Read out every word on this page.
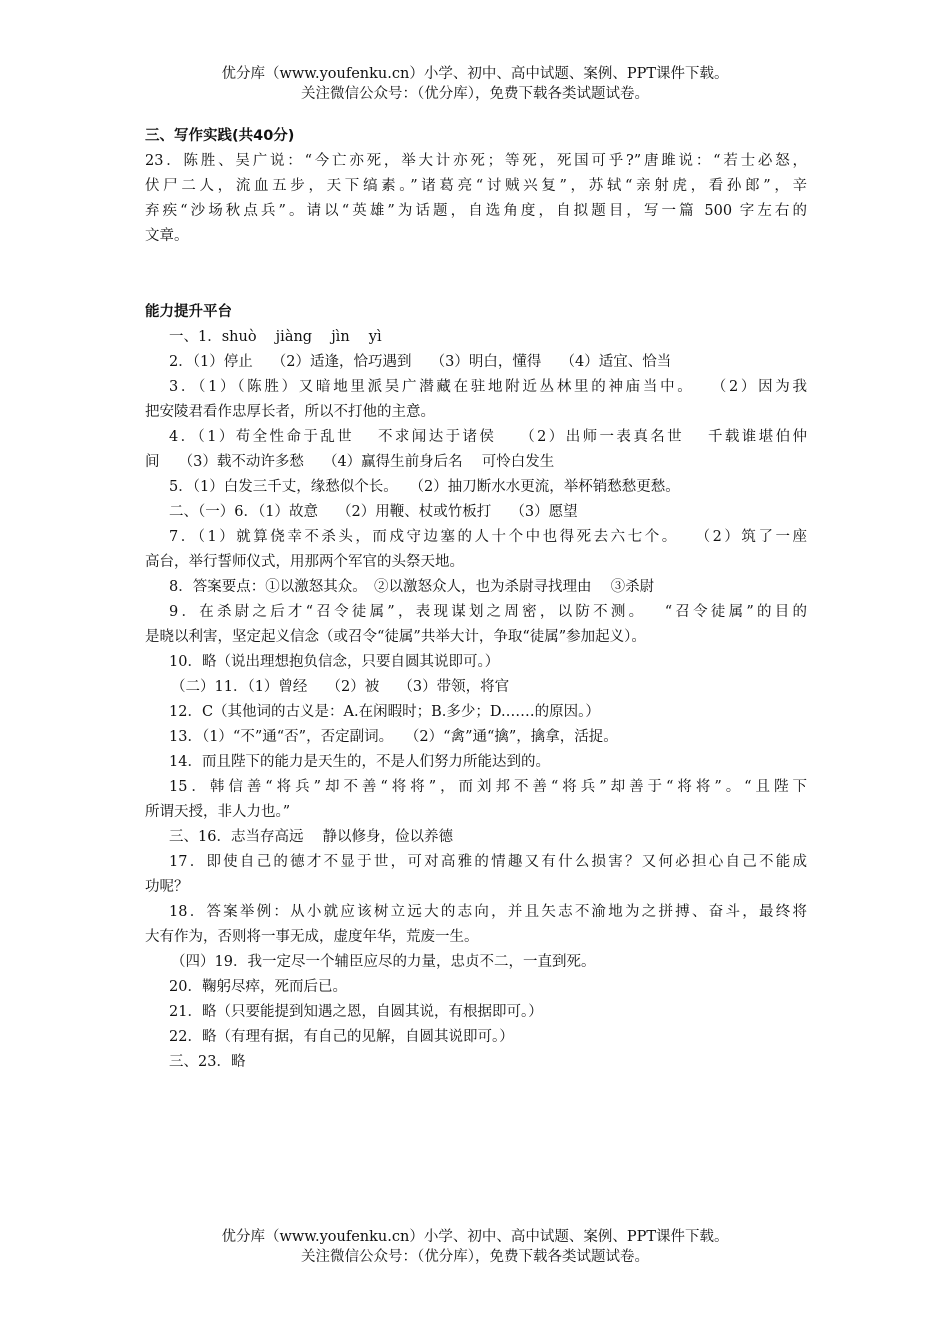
优分库（www.youfenku.cn）小学、初中、高中试题、案例、PPT课件下载。
关注微信公众号：（优分库），免费下载各类试题试卷。
三、写作实践(共40分)
23．陈胜、吴广说：“今亡亦死，举大计亦死；等死，死国可乎?”唐雎说：“若士必怒，
伏尸二人，流血五步，天下缟素。”诸葛亮“讨贼兴复”，苏轼“亲射虎，看孙郎”，辛
弃疾“沙场秋点兵”。请以“英雄”为话题，自选角度，自拟题目，写一篇 500 字左右的
文章。
能力提升平台
一、1．shuò　 jiàng　 jìn　 yì
2．（1）停止　 （2）适逢，恰巧遇到　 （3）明白，懂得　 （4）适宜、恰当
3．（1）（陈胜）又暗地里派吴广潜藏在驻地附近丛林里的神庙当中。　 （2）因为我
把安陵君看作忠厚长者，所以不打他的主意。
4．（1）苟全性命于乱世　 不求闻达于诸侯　 （2）出师一表真名世　 千载谁堪伯仲
间　 （3）载不动许多愁　 （4）赢得生前身后名　 可怜白发生
5．（1）白发三千丈，缘愁似个长。　 （2）抽刀断水水更流，举杯销愁愁更愁。
二、（一）6．（1）故意　 （2）用鞭、杖或竹板打　 （3）愿望
7．（1）就算侥幸不杀头，而戍守边塞的人十个中也得死去六七个。　 （2）筑了一座
高台，举行誓师仪式，用那两个军官的头祭天地。
8．答案要点：①以激怒其众。　②以激怒众人，也为杀尉寻找理由　 ③杀尉
9．在杀尉之后才“召令徒属”，表现谋划之周密，以防不测。　 “召令徒属”的目的
是晓以利害，坚定起义信念（或召令“徒属”共举大计，争取“徒属”参加起义）。
10．略（说出理想抱负信念，只要自圆其说即可。）
（二）11．（1）曾经　 （2）被　 （3）带领，将官
12．C（其他词的古义是：A.在闲暇时；B.多少；D.……的原因。）
13．（1）“不”通“否”，否定副词。　 （2）“禽”通“擒”，擒拿，活捉。
14．而且陛下的能力是天生的，不是人们努力所能达到的。
15．韩信善“将兵”却不善“将将”，而刘邦不善“将兵”却善于“将将”。“且陛下
所谓天授，非人力也。”
三、16．志当存高远　 静以修身，俭以养德
17．即使自己的德才不显于世，可对高雅的情趣又有什么损害？又何必担心自己不能成
功呢？
18．答案举例：从小就应该树立远大的志向，并且矢志不渝地为之拼搏、奋斗，最终将
大有作为，否则将一事无成，虚度年华，荒废一生。
（四）19．我一定尽一个辅臣应尽的力量，忠贞不二，一直到死。
20．鞠躬尽瘁，死而后已。
21．略（只要能提到知遇之恩，自圆其说，有根据即可。）
22．略（有理有据，有自己的见解，自圆其说即可。）
三、23．略
优分库（www.youfenku.cn）小学、初中、高中试题、案例、PPT课件下载。
关注微信公众号：（优分库），免费下载各类试题试卷。
